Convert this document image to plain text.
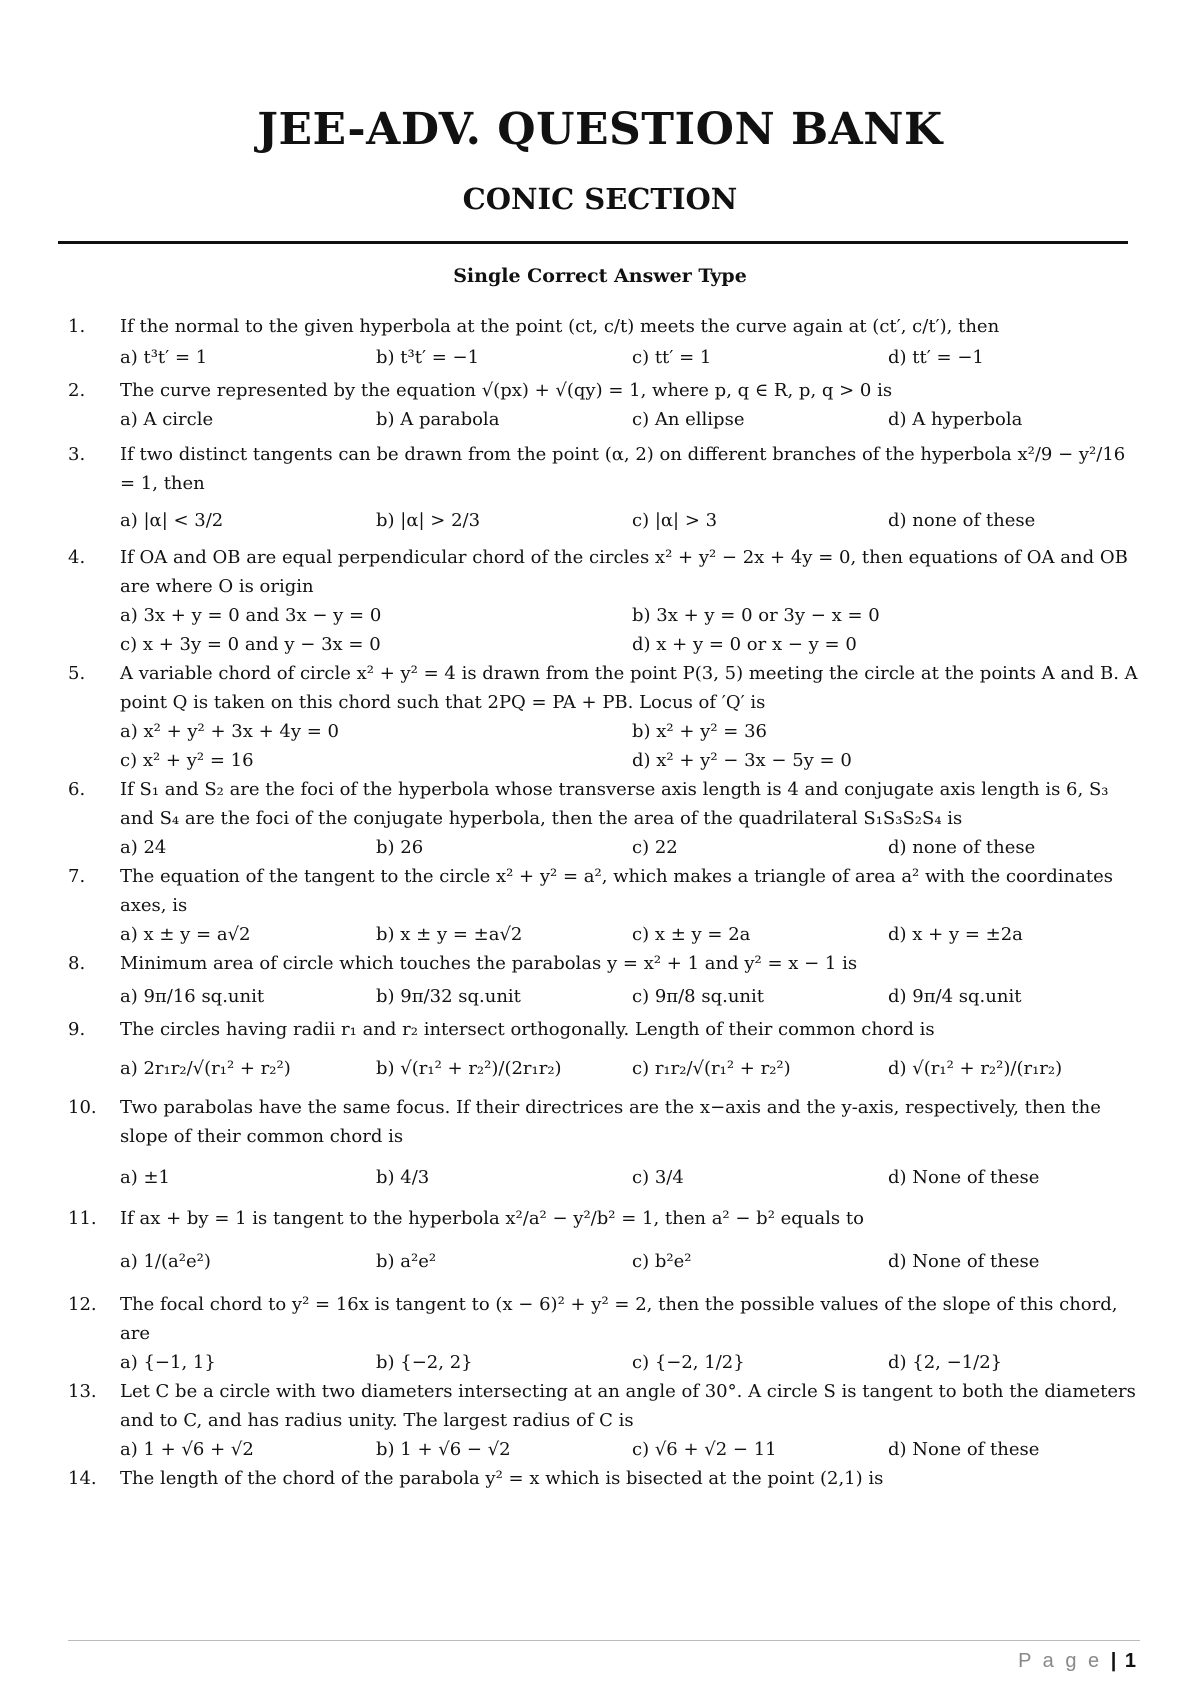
JEE-ADV. QUESTION BANK
CONIC SECTION
Single Correct Answer Type
1.	If the normal to the given hyperbola at the point (ct, c/t) meets the curve again at (ct′, c/t′), then
a) t³t′ = 1	b) t³t′ = −1	c) tt′ = 1	d) tt′ = −1
2.	The curve represented by the equation √(px) + √(qy) = 1, where p, q ∈ R, p, q > 0 is
a) A circle	b) A parabola	c) An ellipse	d) A hyperbola
3.	If two distinct tangents can be drawn from the point (α, 2) on different branches of the hyperbola x²/9 − y²/16 = 1, then
a) |α| < 3/2	b) |α| > 2/3	c) |α| > 3	d) none of these
4.	If OA and OB are equal perpendicular chord of the circles x² + y² − 2x + 4y = 0, then equations of OA and OB are where O is origin
a) 3x + y = 0 and 3x − y = 0	b) 3x + y = 0 or 3y − x = 0
c) x + 3y = 0 and y − 3x = 0	d) x + y = 0 or x − y = 0
5.	A variable chord of circle x² + y² = 4 is drawn from the point P(3, 5) meeting the circle at the points A and B. A point Q is taken on this chord such that 2PQ = PA + PB. Locus of ′Q′ is
a) x² + y² + 3x + 4y = 0	b) x² + y² = 36
c) x² + y² = 16	d) x² + y² − 3x − 5y = 0
6.	If S₁ and S₂ are the foci of the hyperbola whose transverse axis length is 4 and conjugate axis length is 6, S₃ and S₄ are the foci of the conjugate hyperbola, then the area of the quadrilateral S₁S₃S₂S₄ is
a) 24	b) 26	c) 22	d) none of these
7.	The equation of the tangent to the circle x² + y² = a², which makes a triangle of area a² with the coordinates axes, is
a) x ± y = a√2	b) x ± y = ±a√2	c) x ± y = 2a	d) x + y = ±2a
8.	Minimum area of circle which touches the parabolas y = x² + 1 and y² = x − 1 is
a) 9π/16 sq.unit	b) 9π/32 sq.unit	c) 9π/8 sq.unit	d) 9π/4 sq.unit
9.	The circles having radii r₁ and r₂ intersect orthogonally. Length of their common chord is
a) 2r₁r₂/√(r₁² + r₂²)	b) √(r₁² + r₂²)/(2r₁r₂)	c) r₁r₂/√(r₁² + r₂²)	d) √(r₁² + r₂²)/(r₁r₂)
10.	Two parabolas have the same focus. If their directrices are the x−axis and the y-axis, respectively, then the slope of their common chord is
a) ±1	b) 4/3	c) 3/4	d) None of these
11.	If ax + by = 1 is tangent to the hyperbola x²/a² − y²/b² = 1, then a² − b² equals to
a) 1/(a²e²)	b) a²e²	c) b²e²	d) None of these
12.	The focal chord to y² = 16x is tangent to (x − 6)² + y² = 2, then the possible values of the slope of this chord, are
a) {−1, 1}	b) {−2, 2}	c) {−2, 1/2}	d) {2, −1/2}
13.	Let C be a circle with two diameters intersecting at an angle of 30°. A circle S is tangent to both the diameters and to C, and has radius unity. The largest radius of C is
a) 1 + √6 + √2	b) 1 + √6 − √2	c) √6 + √2 − 11	d) None of these
14.	The length of the chord of the parabola y² = x which is bisected at the point (2,1) is
P a g e | 1
